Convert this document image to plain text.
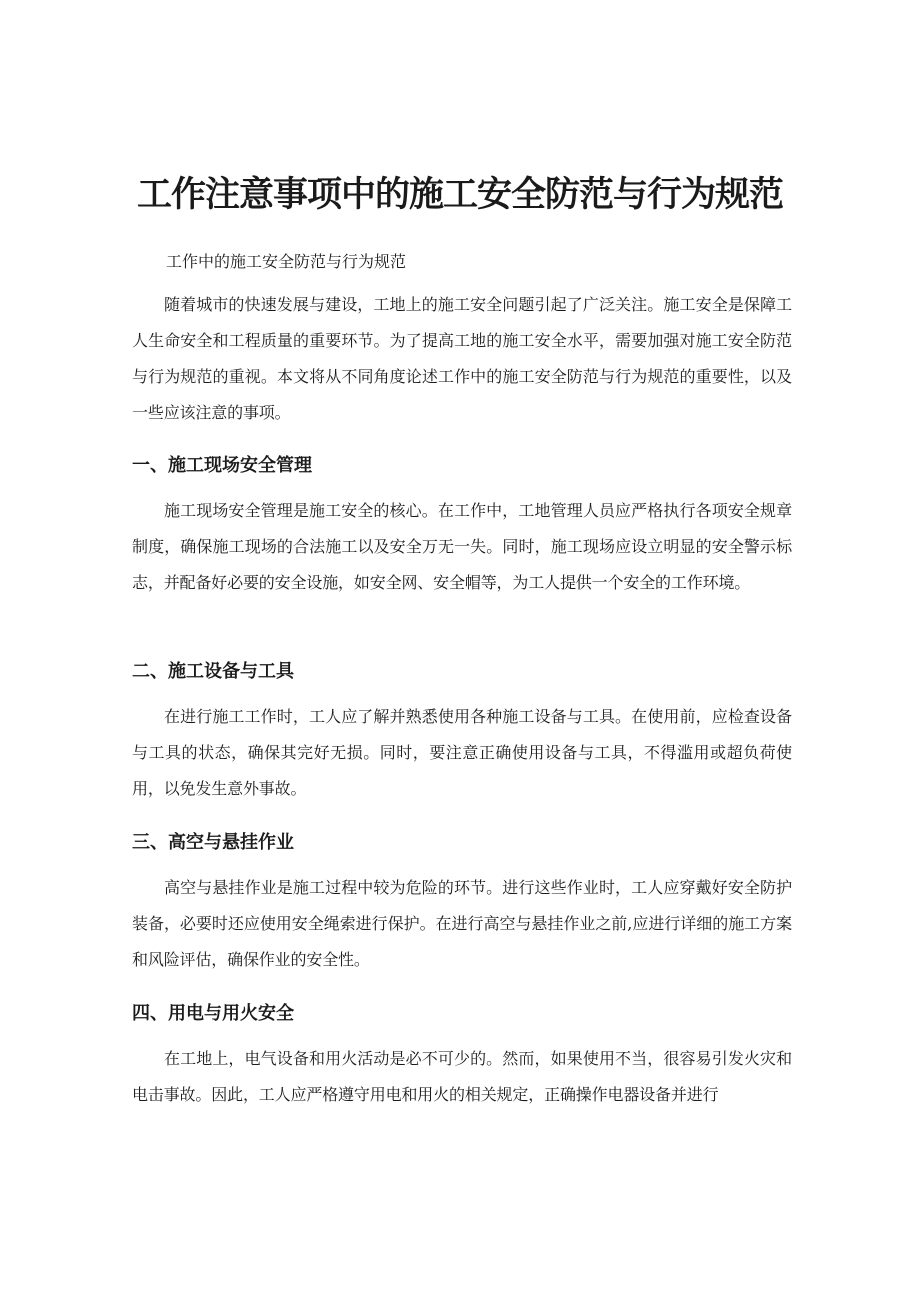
工作注意事项中的施工安全防范与行为规范

工作中的施工安全防范与行为规范

随着城市的快速发展与建设，工地上的施工安全问题引起了广泛关注。施工安全是保障工人生命安全和工程质量的重要环节。为了提高工地的施工安全水平，需要加强对施工安全防范与行为规范的重视。本文将从不同角度论述工作中的施工安全防范与行为规范的重要性，以及一些应该注意的事项。

一、施工现场安全管理

施工现场安全管理是施工安全的核心。在工作中，工地管理人员应严格执行各项安全规章制度，确保施工现场的合法施工以及安全万无一失。同时，施工现场应设立明显的安全警示标志，并配备好必要的安全设施，如安全网、安全帽等，为工人提供一个安全的工作环境。

二、施工设备与工具

在进行施工工作时，工人应了解并熟悉使用各种施工设备与工具。在使用前，应检查设备与工具的状态，确保其完好无损。同时，要注意正确使用设备与工具，不得滥用或超负荷使用，以免发生意外事故。

三、高空与悬挂作业

高空与悬挂作业是施工过程中较为危险的环节。进行这些作业时，工人应穿戴好安全防护装备，必要时还应使用安全绳索进行保护。在进行高空与悬挂作业之前,应进行详细的施工方案和风险评估，确保作业的安全性。

四、用电与用火安全

在工地上，电气设备和用火活动是必不可少的。然而，如果使用不当，很容易引发火灾和电击事故。因此，工人应严格遵守用电和用火的相关规定，正确操作电器设备并进行
